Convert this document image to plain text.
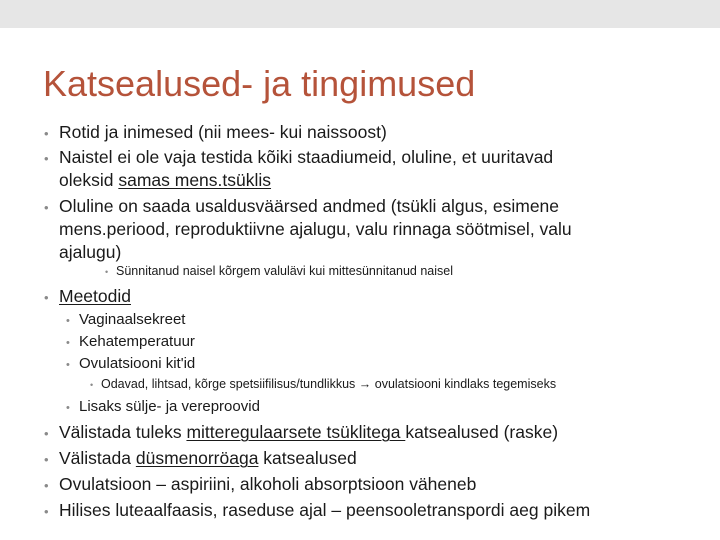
Katsealused- ja tingimused
• Rotid ja inimesed (nii mees- kui naissoost)
• Naistel ei ole vaja testida kõiki staadiumeid, oluline, et uuritavad
oleksid samas mens.tsüklis
• Oluline on saada usaldusväärsed andmed (tsükli algus, esimene
mens.periood, reproduktiivne ajalugu, valu rinnaga söötmisel, valu
ajalugu)
• Sünnitanud naisel kõrgem valulävi kui mittesünnitanud naisel
• Meetodid
• Vaginaalsekreet
• Kehatemperatuur
• Ovulatsiooni kit'id
• Odavad, lihtsad, kõrge spetsiifilisus/tundlikkus → ovulatsiooni kindlaks tegemiseks
• Lisaks sülje- ja vereproovid
• Välistada tuleks mitteregulaarsete tsüklitega katsealused (raske)
• Välistada düsmenorröaga katsealused
• Ovulatsioon – aspiriini, alkoholi absorptsioon väheneb
• Hilises luteaalfaasis, raseduse ajal – peensooletranspordi aeg pikem
